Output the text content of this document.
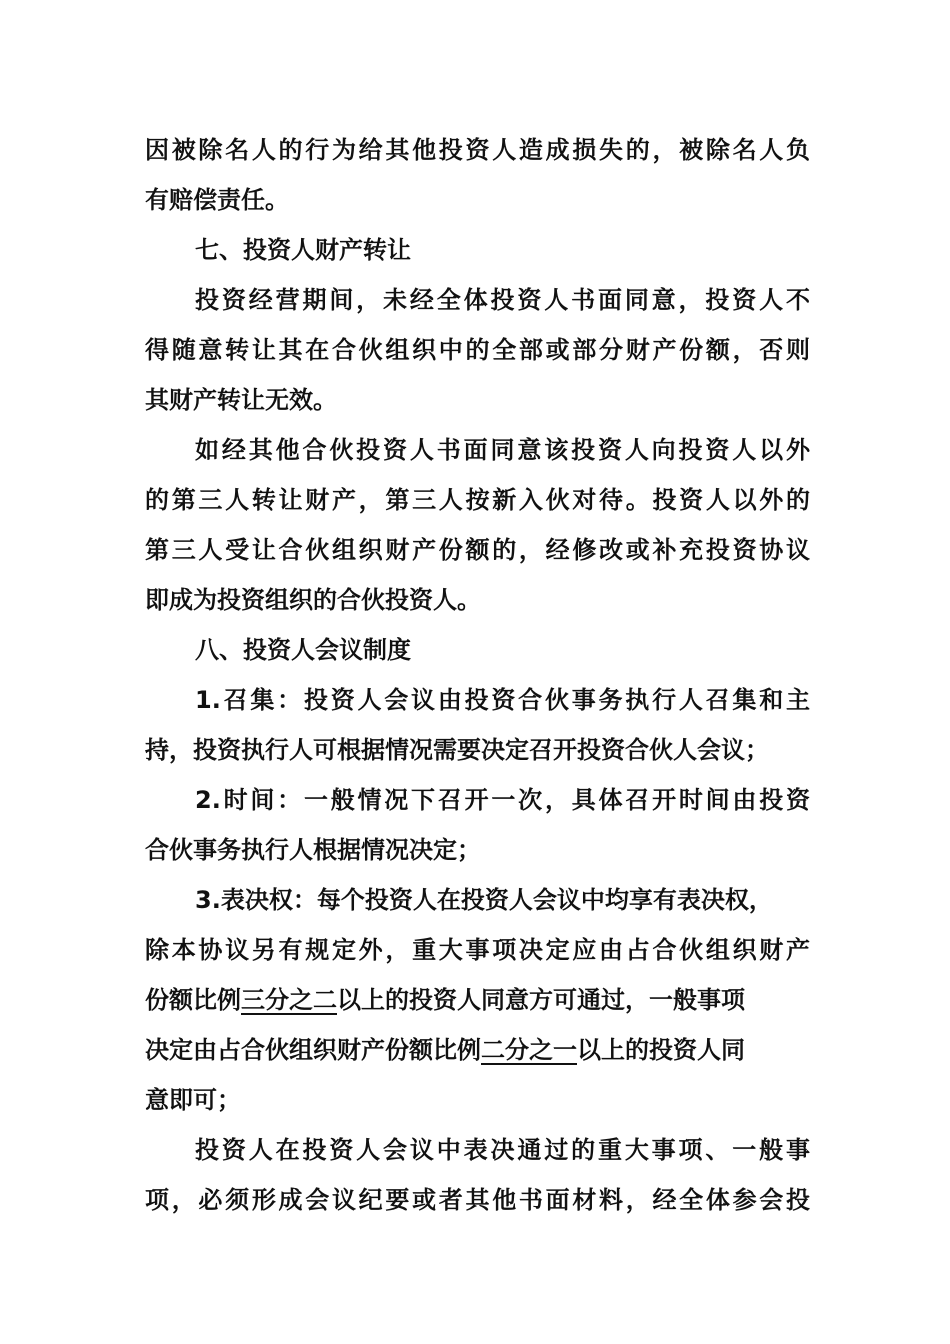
因被除名人的行为给其他投资人造成损失的，被除名人负
有赔偿责任。
七、投资人财产转让
投资经营期间，未经全体投资人书面同意，投资人不
得随意转让其在合伙组织中的全部或部分财产份额，否则
其财产转让无效。
如经其他合伙投资人书面同意该投资人向投资人以外
的第三人转让财产，第三人按新入伙对待。投资人以外的
第三人受让合伙组织财产份额的，经修改或补充投资协议
即成为投资组织的合伙投资人。
八、投资人会议制度
1.召集：投资人会议由投资合伙事务执行人召集和主
持，投资执行人可根据情况需要决定召开投资合伙人会议；
2.时间：一般情况下召开一次，具体召开时间由投资
合伙事务执行人根据情况决定；
3.表决权：每个投资人在投资人会议中均享有表决权，
除本协议另有规定外，重大事项决定应由占合伙组织财产
份额比例三分之二以上的投资人同意方可通过，一般事项
决定由占合伙组织财产份额比例二分之一以上的投资人同
意即可；
投资人在投资人会议中表决通过的重大事项、一般事
项，必须形成会议纪要或者其他书面材料，经全体参会投
